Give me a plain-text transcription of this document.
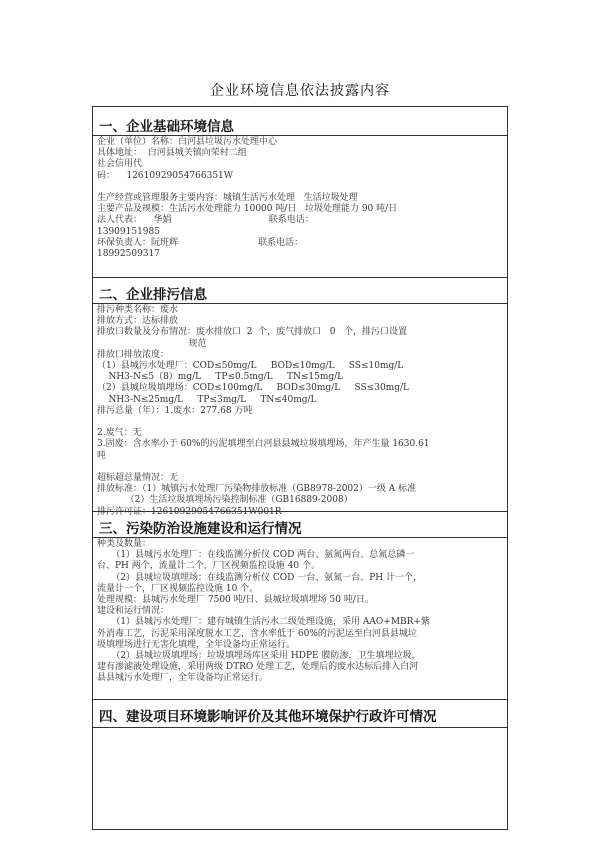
企业环境信息依法披露内容
一、企业基础环境信息

企业（单位）名称：白河县垃圾污水处理中心

具体地址：  白河县城关镇向荣村二组

社会信用代

码：    12610929054766351W

生产经营或管理服务主要内容：城镇生活污水处理   生活垃圾处理

主要产品及规模：生活污水处理能力 10000 吨/日   垃圾处理能力 90 吨/日

法人代表：    华娟                                  联系电话：

13909151985

环保负责人：阮班辉                            联系电话：

18992509317

二、企业排污信息

排污种类名称：废水

排放方式：达标排放

排放口数量及分布情况：废水排放口  2  个，废气排放口   0   个，排污口设置

规范

排放口排放浓度：

（1）县城污水处理厂：COD≤50mg/L     BOD≤10mg/L     SS≤10mg/L

NH3-N≤5（8）mg/L     TP≤0.5mg/L     TN≤15mg/L

（2）县城垃圾填埋场：COD≤100mg/L     BOD≤30mg/L     SS≤30mg/L

NH3-N≤25mg/L     TP≤3mg/L     TN≤40mg/L

排污总量（年）：1.废水：277.68 万吨

2.废气：无

3.固废：含水率小于 60%的污泥填埋至白河县县城垃圾填埋场，年产生量 1630.61

吨

超标超总量情况：无

排放标准：（1）城镇污水处理厂污染物排放标准（GB8978-2002）一级 A 标准

（2）生活垃圾填埋场污染控制标准（GB16889-2008）

排污许可证：12610929054766351W001R

三、污染防治设施建设和运行情况

种类及数量：

（1）县城污水处理厂：在线监测分析仪 COD 两台、氨氮两台、总氮总磷一

台、PH 两个，流量计二个，厂区视频监控设施 40 个。

（2）县城垃圾填埋场：在线监测分析仪 COD 一台、氨氮一台、PH 计一个，

流量计一个，厂区视频监控设施 10 个。

处理规模：县城污水处理厂 7500 吨/日、县城垃圾填埋场 50 吨/日。

建设和运行情况：

（1）县城污水处理厂：建有城镇生活污水二级处理设施，采用 AAO+MBR+紫

外消毒工艺，污泥采用深度脱水工艺，含水率低于 60%的污泥运至白河县县城垃

圾填埋场进行无害化填埋，全年设备均正常运行。

（2）县城垃圾填埋场：垃圾填埋场库区采用 HDPE 膜防渗，卫生填埋垃圾，

建有渗滤液处理设施，采用两级 DTRO 处理工艺，处理后的废水达标后排入白河

县县城污水处理厂，全年设备均正常运行。

四、建设项目环境影响评价及其他环境保护行政许可情况
